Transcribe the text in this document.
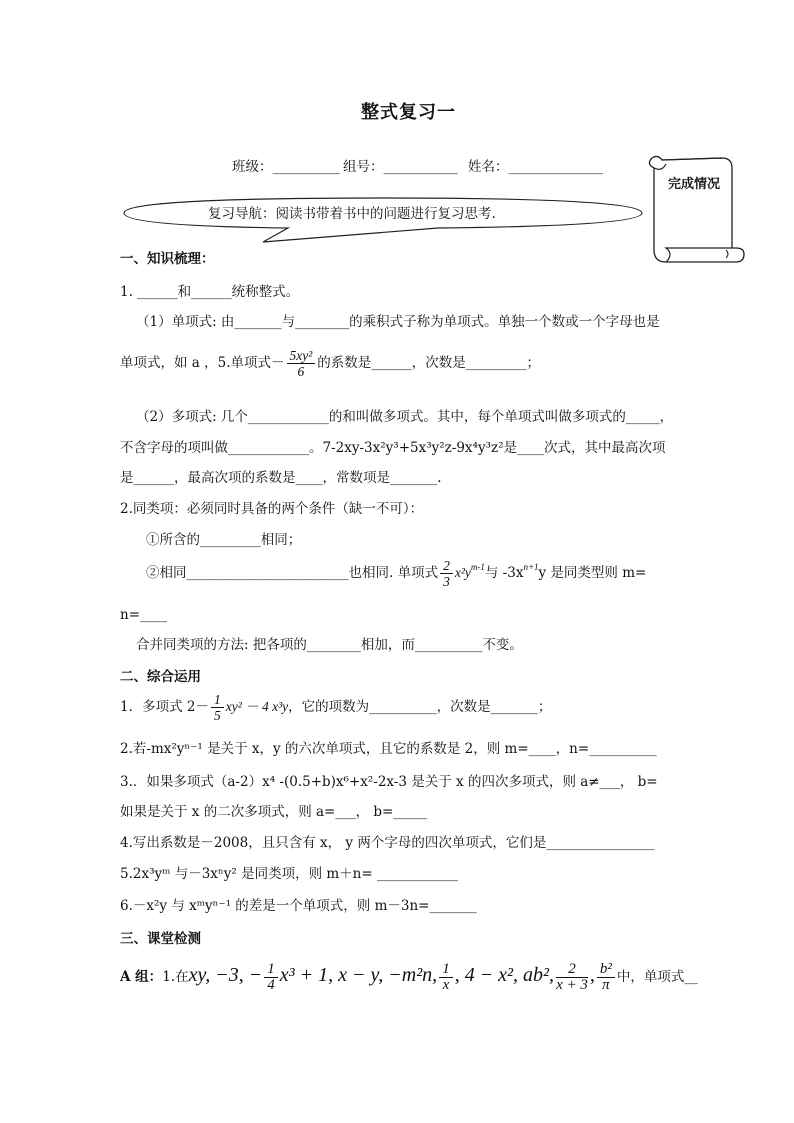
整式复习一
班级：__________ 组号：___________ 姓名：______________
完成情况
复习导航：阅读书带着书中的问题进行复习思考.
一、知识梳理：
1. ______和______统称整式。
（1）单项式: 由_______与________的乘积式子称为单项式。单独一个数或一个字母也是
单项式，如 a ，5.单项式－ $\frac{\text{5xy²}}{6}$ 的系数是______，次数是_________；
（2）多项式: 几个____________的和叫做多项式。其中，每个单项式叫做多项式的_____，
不含字母的项叫做____________。7-2xy-3x²y³+5x³y²z-9x⁴y³z²是____次式，其中最高次项
是______，最高次项的系数是____，常数项是_______.
2.同类项：必须同时具备的两个条件（缺一不可）：
①所含的_________相同；
②相同________________________也相同. 单项式 $\frac{2}{3} x^2y^{m-1}$与 $-3x^{n+1}y$ 是同类型则 m=
n=____
合并同类项的方法: 把各项的________相加，而__________不变。
二、综合运用
1．多项式 $2- \frac{1}{5} xy^2 - 4$ x³y，它的项数为__________，次数是_______；
2.若-mx²yⁿ⁻¹ 是关于 x，y 的六次单项式，且它的系数是 2，则 m=____，n=__________
3.．如果多项式（a-2）x⁴ -(0.5+b)x⁶+x²-2x-3 是关于 x 的四次多项式，则 a≠___， b=
如果是关于 x 的二次多项式，则 a=___， b=_____
4.写出系数是－2008，且只含有 x， y 两个字母的四次单项式，它们是________________
5.2x³yᵐ 与－3xⁿy² 是同类项，则 m＋n= ____________
6.－x²y 与 xᵐyⁿ⁻¹ 的差是一个单项式，则 m－3n=_______
三、课堂检测
A 组：1.在xy, −3, − $\frac{1}{4} x^3 + 1$, x − y, −m²n, $\frac{1}{x}$ , 4 − x², ab², $\frac{2}{x + 3}$ , $\frac{\text{b²}}{\pi}$ 中，单项式__
